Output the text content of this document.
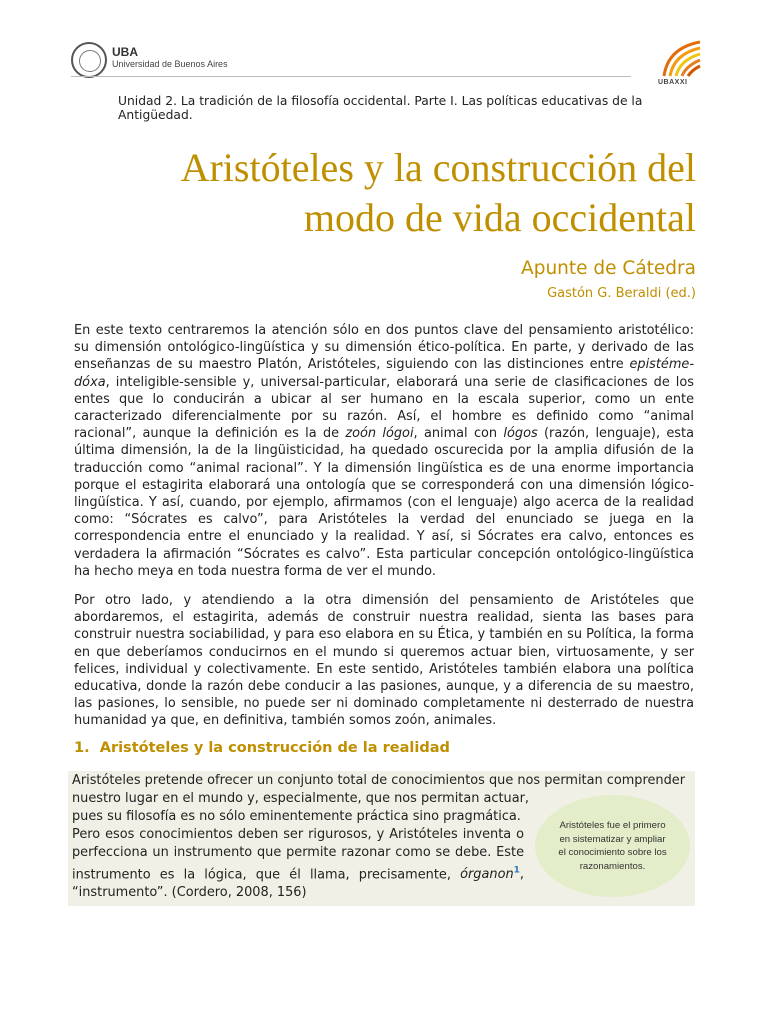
UBA
Universidad de Buenos Aires
UBAXXI
Unidad 2. La tradición de la filosofía occidental. Parte I. Las políticas educativas de la Antigüedad.
Aristóteles y la construcción del
modo de vida occidental
Apunte de Cátedra
Gastón G. Beraldi (ed.)
En este texto centraremos la atención sólo en dos puntos clave del pensamiento aristotélico: su dimensión ontológico-lingüística y su dimensión ético-política. En parte, y derivado de las enseñanzas de su maestro Platón, Aristóteles, siguiendo con las distinciones entre epistéme-dóxa, inteligible-sensible y, universal-particular, elaborará una serie de clasificaciones de los entes que lo conducirán a ubicar al ser humano en la escala superior, como un ente caracterizado diferencialmente por su razón. Así, el hombre es definido como “animal racional”, aunque la definición es la de zoón lógoi, animal con lógos (razón, lenguaje), esta última dimensión, la de la lingüisticidad, ha quedado oscurecida por la amplia difusión de la traducción como “animal racional”. Y la dimensión lingüística es de una enorme importancia porque el estagirita elaborará una ontología que se corresponderá con una dimensión lógico-lingüística. Y así, cuando, por ejemplo, afirmamos (con el lenguaje) algo acerca de la realidad como: “Sócrates es calvo”, para Aristóteles la verdad del enunciado se juega en la correspondencia entre el enunciado y la realidad. Y así, si Sócrates era calvo, entonces es verdadera la afirmación “Sócrates es calvo”. Esta particular concepción ontológico-lingüística ha hecho meya en toda nuestra forma de ver el mundo.
Por otro lado, y atendiendo a la otra dimensión del pensamiento de Aristóteles que abordaremos, el estagirita, además de construir nuestra realidad, sienta las bases para construir nuestra sociabilidad, y para eso elabora en su Ética, y también en su Política, la forma en que deberíamos conducirnos en el mundo si queremos actuar bien, virtuosamente, y ser felices, individual y colectivamente. En este sentido, Aristóteles también elabora una política educativa, donde la razón debe conducir a las pasiones, aunque, y a diferencia de su maestro, las pasiones, lo sensible, no puede ser ni dominado completamente ni desterrado de nuestra humanidad ya que, en definitiva, también somos zoón, animales.
1. Aristóteles y la construcción de la realidad
Aristóteles pretende ofrecer un conjunto total de conocimientos que nos permitan comprender
nuestro lugar en el mundo y, especialmente, que nos permitan actuar,
pues su filosofía es no sólo eminentemente práctica sino pragmática.
Pero esos conocimientos deben ser rigurosos, y Aristóteles inventa o
perfecciona un instrumento que permite razonar como se debe. Este
instrumento es la lógica, que él llama, precisamente, órganon$^1$,
“instrumento”. (Cordero, 2008, 156)
Aristóteles fue el primero en sistematizar y ampliar el conocimiento sobre los razonamientos.
